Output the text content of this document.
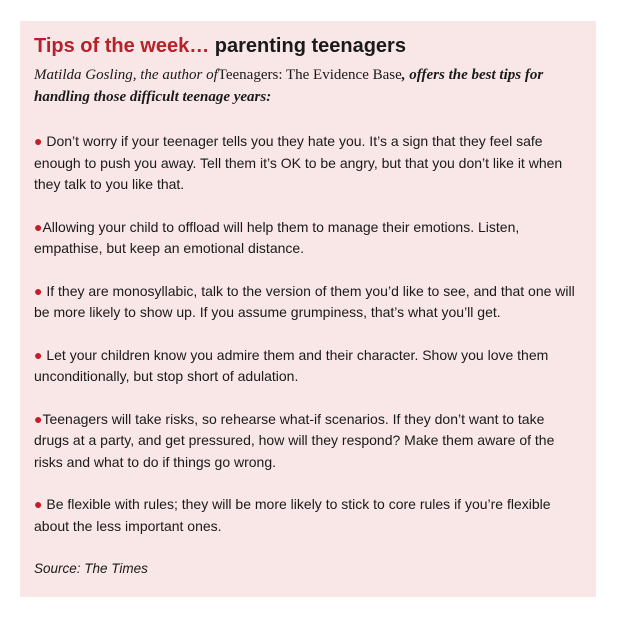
Tips of the week… parenting teenagers

Matilda Gosling, the author ofTeenagers: The Evidence Base, offers the best tips for handling those difficult teenage years:

● Don’t worry if your teenager tells you they hate you. It’s a sign that they feel safe enough to push you away. Tell them it’s OK to be angry, but that you don’t like it when they talk to you like that.

●Allowing your child to offload will help them to manage their emotions. Listen, empathise, but keep an emotional distance.

● If they are monosyllabic, talk to the version of them you’d like to see, and that one will be more likely to show up. If you assume grumpiness, that’s what you’ll get.

● Let your children know you admire them and their character. Show you love them unconditionally, but stop short of adulation.

●Teenagers will take risks, so rehearse what-if scenarios. If they don’t want to take drugs at a party, and get pressured, how will they respond? Make them aware of the risks and what to do if things go wrong.

● Be flexible with rules; they will be more likely to stick to core rules if you’re flexible about the less important ones.

Source: The Times
